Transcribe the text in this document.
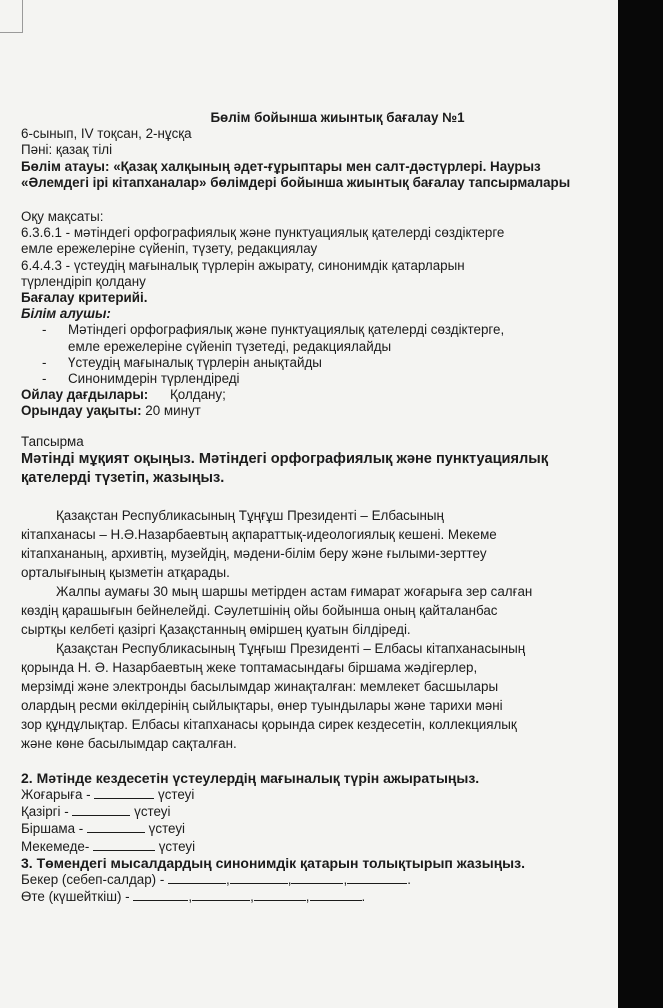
Бөлім бойынша жиынтық бағалау №1
6-сынып, IV тоқсан, 2-нұсқа
Пәні: қазақ тілі
Бөлім атауы: «Қазақ халқының әдет-ғұрыптары мен салт-дәстүрлері. Наурыз
«Әлемдегі ірі кітапханалар» бөлімдері бойынша жиынтық бағалау тапсырмалары
Оқу мақсаты:
6.3.6.1 - мәтіндегі орфографиялық және пунктуациялық қателерді сөздіктерге
емле ережелеріне сүйеніп, түзету, редакциялау
6.4.4.3 - үстеудің мағыналық түрлерін ажырату, синонимдік қатарларын
түрлендіріп қолдану
Бағалау критерийі.
Білім алушы:
- Мәтіндегі орфографиялық және пунктуациялық қателерді сөздіктерге,
емле ережелеріне сүйеніп түзетеді, редакциялайды
- Үстеудің мағыналық түрлерін анықтайды
- Синонимдерін түрлендіреді
Ойлау дағдылары: Қолдану;
Орындау уақыты: 20 минут
Тапсырма
Мәтінді мұқият оқыңыз. Мәтіндегі орфографиялық және пунктуациялық
қателерді түзетіп, жазыңыз.
Қазақстан Республикасының Тұңғұш Президенті – Елбасының
кітапханасы – Н.Ә.Назарбаевтың ақпараттық-идеологиялық кешені. Мекеме
кітапхананың, архивтің, музейдің, мәдени-білім беру және ғылыми-зерттеу
орталығының қызметін атқарады.
Жалпы аумағы 30 мың шаршы метірден астам ғимарат жоғарыға зер салған
көздің қарашығын бейнелейді. Сәулетшінің ойы бойынша оның қайталанбас
сыртқы келбеті қазіргі Қазақстанның өміршең қуатын білдіреді.
Қазақстан Республикасының Тұңғыш Президенті – Елбасы кітапханасының
қорында Н. Ә. Назарбаевтың жеке топтамасындағы біршама жәдігерлер,
мерзімді және электронды басылымдар жинақталған: мемлекет басшылары
олардың ресми өкілдерінің сыйлықтары, өнер туындылары және тарихи мәні
зор құндұлықтар. Елбасы кітапханасы қорында сирек кездесетін, коллекциялық
және көне басылымдар сақталған.
2. Мәтінде кездесетін үстеулердің мағыналық түрін ажыратыңыз.
Жоғарыға -	үстеуі
Қазіргі -	үстеуі
Біршама -	үстеуі
Мекемеде-	үстеуі
3. Төмендегі мысалдардың синонимдік қатарын толықтырып жазыңыз.
Бекер (себеп-салдар) -	,	,	,	.
Өте (күшейткіш) -	,	,	,	.
